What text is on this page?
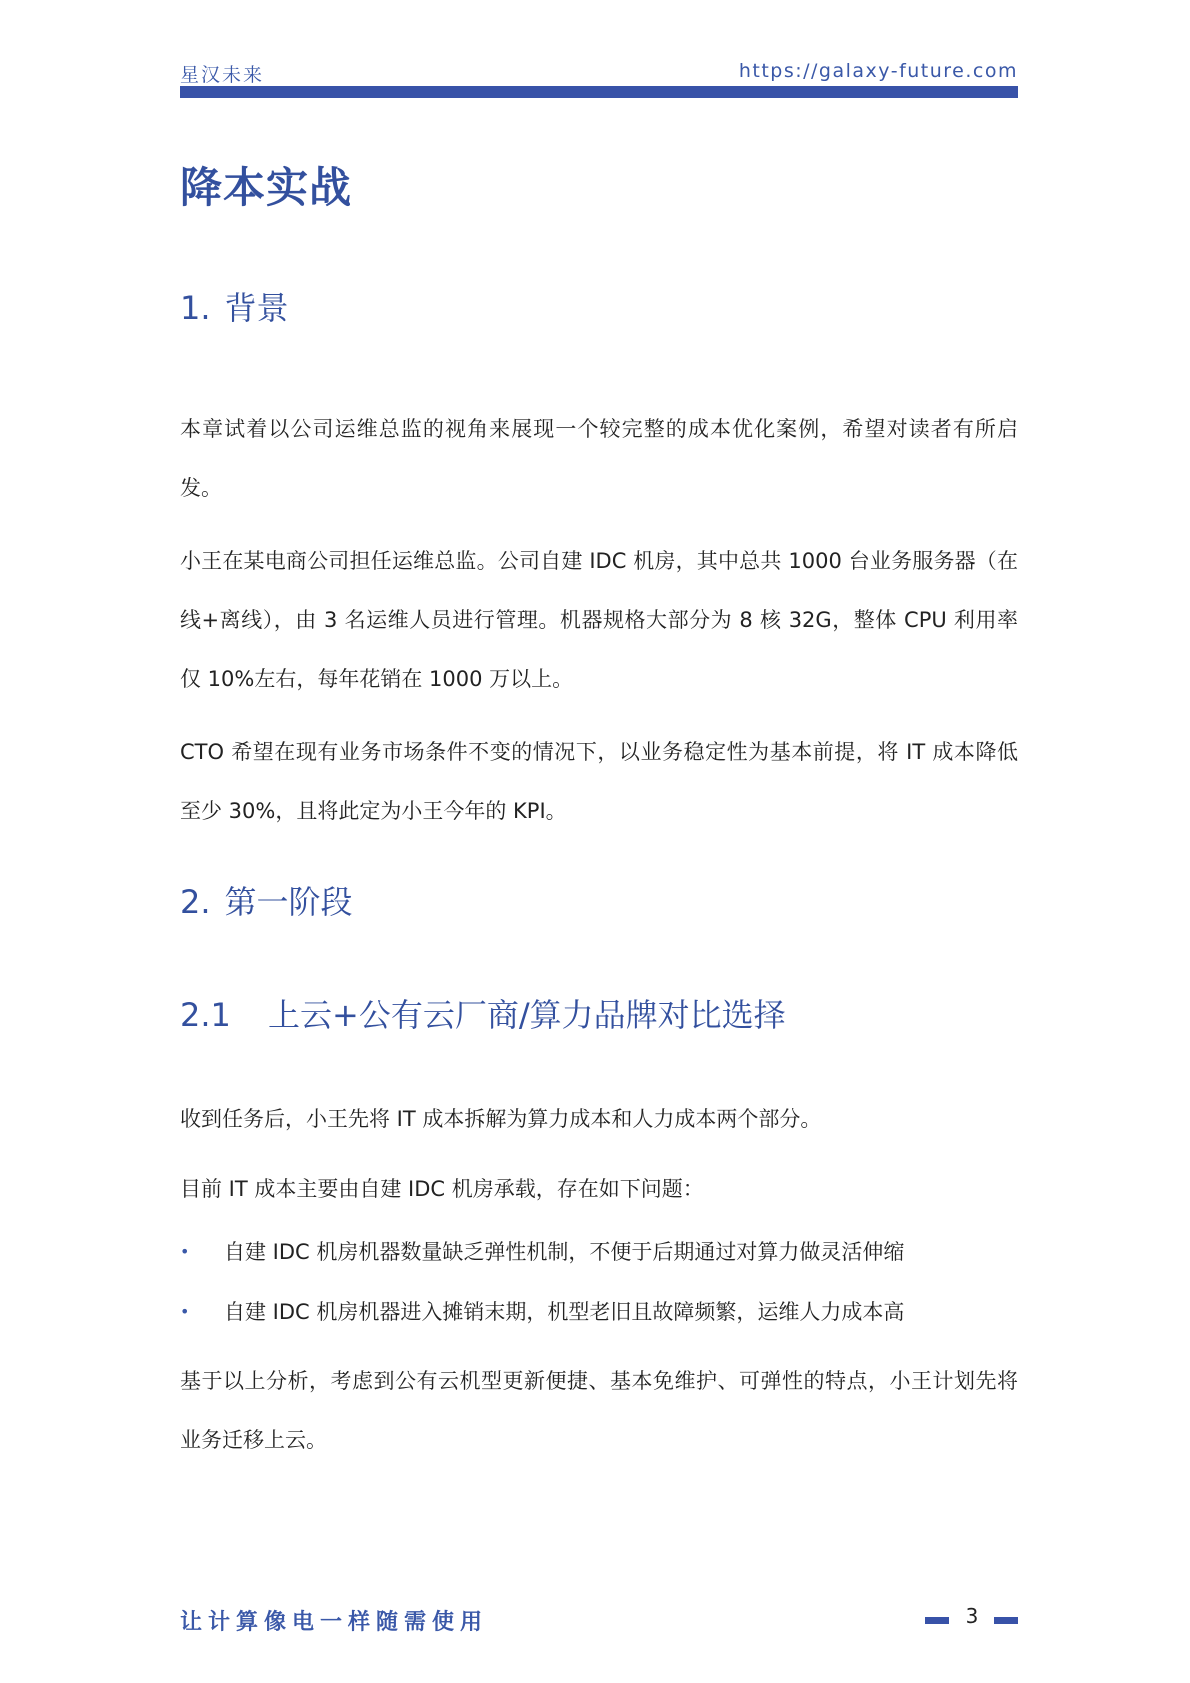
星汉未来	https://galaxy-future.com
降本实战
1. 背景

本章试着以公司运维总监的视角来展现一个较完整的成本优化案例，希望对读者有所启发。

小王在某电商公司担任运维总监。公司自建 IDC 机房，其中总共 1000 台业务服务器（在线+离线），由 3 名运维人员进行管理。机器规格大部分为 8 核 32G，整体 CPU 利用率仅 10%左右，每年花销在 1000 万以上。

CTO 希望在现有业务市场条件不变的情况下，以业务稳定性为基本前提，将 IT 成本降低至少 30%，且将此定为小王今年的 KPI。

2. 第一阶段
2.1 上云+公有云厂商/算力品牌对比选择

收到任务后，小王先将 IT 成本拆解为算力成本和人力成本两个部分。

目前 IT 成本主要由自建 IDC 机房承载，存在如下问题：

•	自建 IDC 机房机器数量缺乏弹性机制，不便于后期通过对算力做灵活伸缩
•	自建 IDC 机房机器进入摊销末期，机型老旧且故障频繁，运维人力成本高

基于以上分析，考虑到公有云机型更新便捷、基本免维护、可弹性的特点，小王计划先将业务迁移上云。

让计算像电一样随需使用	3
